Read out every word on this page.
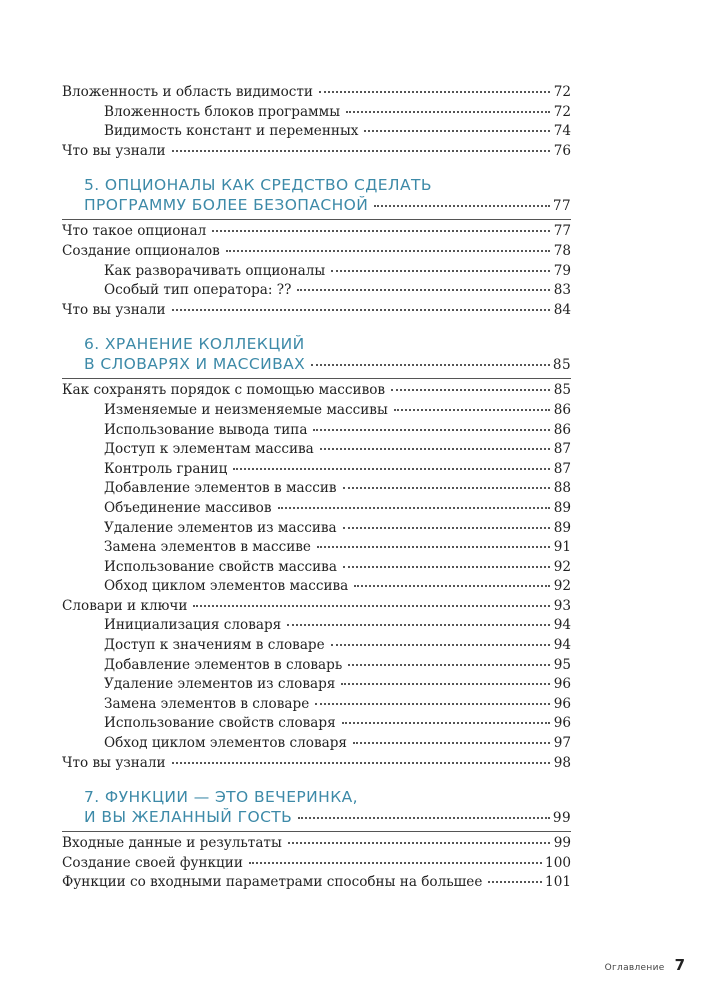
Вложенность и область видимости	72
Вложенность блоков программы	72
Видимость констант и переменных	74
Что вы узнали	76
5. ОПЦИОНАЛЫ КАК СРЕДСТВО СДЕЛАТЬ
ПРОГРАММУ БОЛЕЕ БЕЗОПАСНОЙ	77
Что такое опционал	77
Создание опционалов	78
Как разворачивать опционалы	79
Особый тип оператора: ??	83
Что вы узнали	84
6. ХРАНЕНИЕ КОЛЛЕКЦИЙ
В СЛОВАРЯХ И МАССИВАХ	85
Как сохранять порядок с помощью массивов	85
Изменяемые и неизменяемые массивы	86
Использование вывода типа	86
Доступ к элементам массива	87
Контроль границ	87
Добавление элементов в массив	88
Объединение массивов	89
Удаление элементов из массива	89
Замена элементов в массиве	91
Использование свойств массива	92
Обход циклом элементов массива	92
Словари и ключи	93
Инициализация словаря	94
Доступ к значениям в словаре	94
Добавление элементов в словарь	95
Удаление элементов из словаря	96
Замена элементов в словаре	96
Использование свойств словаря	96
Обход циклом элементов словаря	97
Что вы узнали	98
7. ФУНКЦИИ — ЭТО ВЕЧЕРИНКА,
И ВЫ ЖЕЛАННЫЙ ГОСТЬ	99
Входные данные и результаты	99
Создание своей функции	100
Функции со входными параметрами способны на большее	101
Оглавление 7
